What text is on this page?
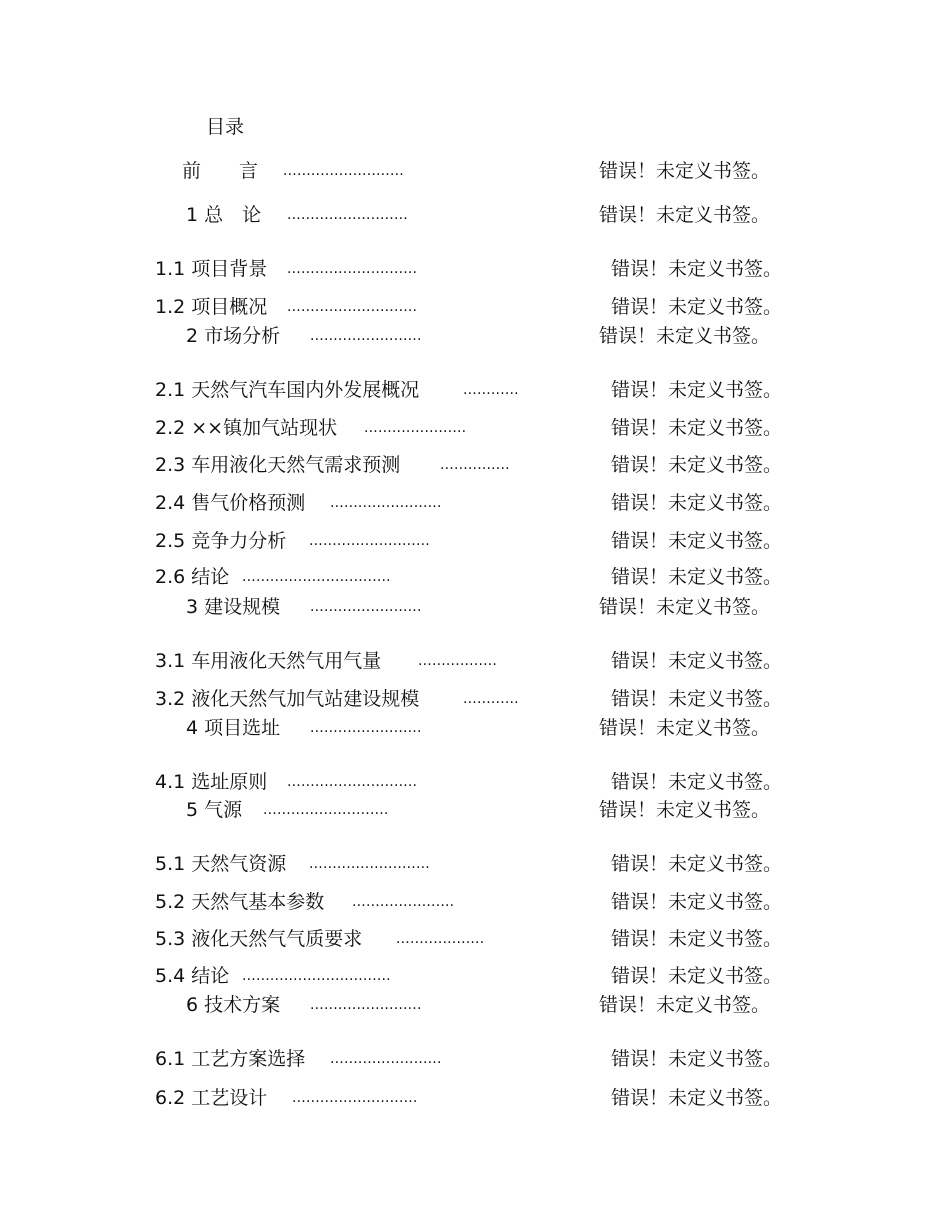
目录
前　　言 ..........................	错误！未定义书签。
1 总　论 ..........................	错误！未定义书签。
1.1 项目背景 ............................	错误！未定义书签。
1.2 项目概况 ............................	错误！未定义书签。
2 市场分析 ........................	错误！未定义书签。
2.1 天然气汽车国内外发展概况	............	错误！未定义书签。
2.2 ××镇加气站现状 ......................	错误！未定义书签。
2.3 车用液化天然气需求预测	...............	错误！未定义书签。
2.4 售气价格预测 ........................	错误！未定义书签。
2.5 竞争力分析 ..........................	错误！未定义书签。
2.6 结论 ................................	错误！未定义书签。
3 建设规模 ........................	错误！未定义书签。
3.1 车用液化天然气用气量	.................	错误！未定义书签。
3.2 液化天然气加气站建设规模	............	错误！未定义书签。
4 项目选址 ........................	错误！未定义书签。
4.1 选址原则 ............................	错误！未定义书签。
5 气源 ...........................	错误！未定义书签。
5.1 天然气资源 ..........................	错误！未定义书签。
5.2 天然气基本参数 ......................	错误！未定义书签。
5.3 液化天然气气质要求 ...................	错误！未定义书签。
5.4 结论 ................................	错误！未定义书签。
6 技术方案 ........................	错误！未定义书签。
6.1 工艺方案选择 ........................	错误！未定义书签。
6.2 工艺设计 ...........................	错误！未定义书签。
